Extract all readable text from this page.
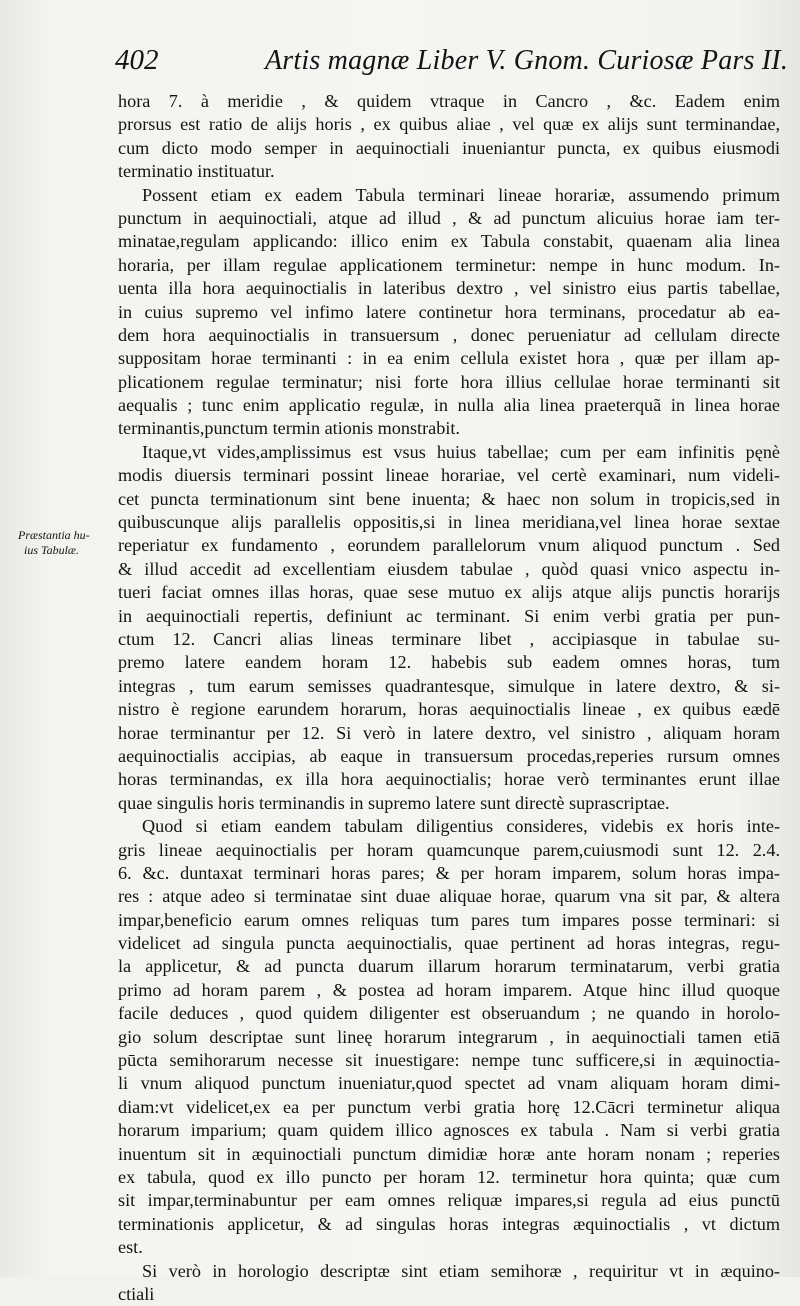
402	Artis magnæ Liber V. Gnom. Curiosæ Pars II.
Præstantia hu-
ius Tabulæ.
hora 7. à meridie , & quidem vtraque in Cancro , &c. Eadem enim
prorsus est ratio de alijs horis , ex quibus aliae , vel quæ ex alijs sunt terminandae,
cum dicto modo semper in aequinoctiali inueniantur puncta, ex quibus eiusmodi
terminatio instituatur.
Possent etiam ex eadem Tabula terminari lineae horariæ, assumendo primum
punctum in aequinoctiali, atque ad illud , & ad punctum alicuius horae iam ter-
minatae,regulam applicando: illico enim ex Tabula constabit, quaenam alia linea
horaria, per illam regulae applicationem terminetur: nempe in hunc modum. In-
uenta illa hora aequinoctialis in lateribus dextro , vel sinistro eius partis tabellae,
in cuius supremo vel infimo latere continetur hora terminans, procedatur ab ea-
dem hora aequinoctialis in transuersum , donec perueniatur ad cellulam directe
suppositam horae terminanti : in ea enim cellula existet hora , quæ per illam ap-
plicationem regulae terminatur; nisi forte hora illius cellulae horae terminanti sit
aequalis ; tunc enim applicatio regulæ, in nulla alia linea praeterquã in linea horae
terminantis,punctum termin ationis monstrabit.
Itaque,vt vides,amplissimus est vsus huius tabellae; cum per eam infinitis pęnè
modis diuersis terminari possint lineae horariae, vel certè examinari, num videli-
cet puncta terminationum sint bene inuenta; & haec non solum in tropicis,sed in
quibuscunque alijs parallelis oppositis,si in linea meridiana,vel linea horae sextae
reperiatur ex fundamento , eorundem parallelorum vnum aliquod punctum . Sed
& illud accedit ad excellentiam eiusdem tabulae , quòd quasi vnico aspectu in-
tueri faciat omnes illas horas, quae sese mutuo ex alijs atque alijs punctis horarijs
in aequinoctiali repertis, definiunt ac terminant. Si enim verbi gratia per pun-
ctum 12. Cancri alias lineas terminare libet , accipiasque in tabulae su-
premo latere eandem horam 12. habebis sub eadem omnes horas, tum
integras , tum earum semisses quadrantesque, simulque in latere dextro, & si-
nistro è regione earundem horarum, horas aequinoctialis lineae , ex quibus eædē
horae terminantur per 12. Si verò in latere dextro, vel sinistro , aliquam horam
aequinoctialis accipias, ab eaque in transuersum procedas,reperies rursum omnes
horas terminandas, ex illa hora aequinoctialis; horae verò terminantes erunt illae
quae singulis horis terminandis in supremo latere sunt directè suprascriptae.
Quod si etiam eandem tabulam diligentius consideres, videbis ex horis inte-
gris lineae aequinoctialis per horam quamcunque parem,cuiusmodi sunt 12. 2.4.
6. &c. duntaxat terminari horas pares; & per horam imparem, solum horas impa-
res : atque adeo si terminatae sint duae aliquae horae, quarum vna sit par, & altera
impar,beneficio earum omnes reliquas tum pares tum impares posse terminari: si
videlicet ad singula puncta aequinoctialis, quae pertinent ad horas integras, regu-
la applicetur, & ad puncta duarum illarum horarum terminatarum, verbi gratia
primo ad horam parem , & postea ad horam imparem. Atque hinc illud quoque
facile deduces , quod quidem diligenter est obseruandum ; ne quando in horolo-
gio solum descriptae sunt lineę horarum integrarum , in aequinoctiali tamen etiā
pūcta semihorarum necesse sit inuestigare: nempe tunc sufficere,si in æquinoctia-
li vnum aliquod punctum inueniatur,quod spectet ad vnam aliquam horam dimi-
diam:vt videlicet,ex ea per punctum verbi gratia horę 12.Cācri terminetur aliqua
horarum imparium; quam quidem illico agnosces ex tabula . Nam si verbi gratia
inuentum sit in æquinoctiali punctum dimidiæ horæ ante horam nonam ; reperies
ex tabula, quod ex illo puncto per horam 12. terminetur hora quinta; quæ cum
sit impar,terminabuntur per eam omnes reliquæ impares,si regula ad eius punctū
terminationis applicetur, & ad singulas horas integras æquinoctialis , vt dictum
est.
Si verò in horologio descriptæ sint etiam semihoræ , requiritur vt in æquino-
ctiali
